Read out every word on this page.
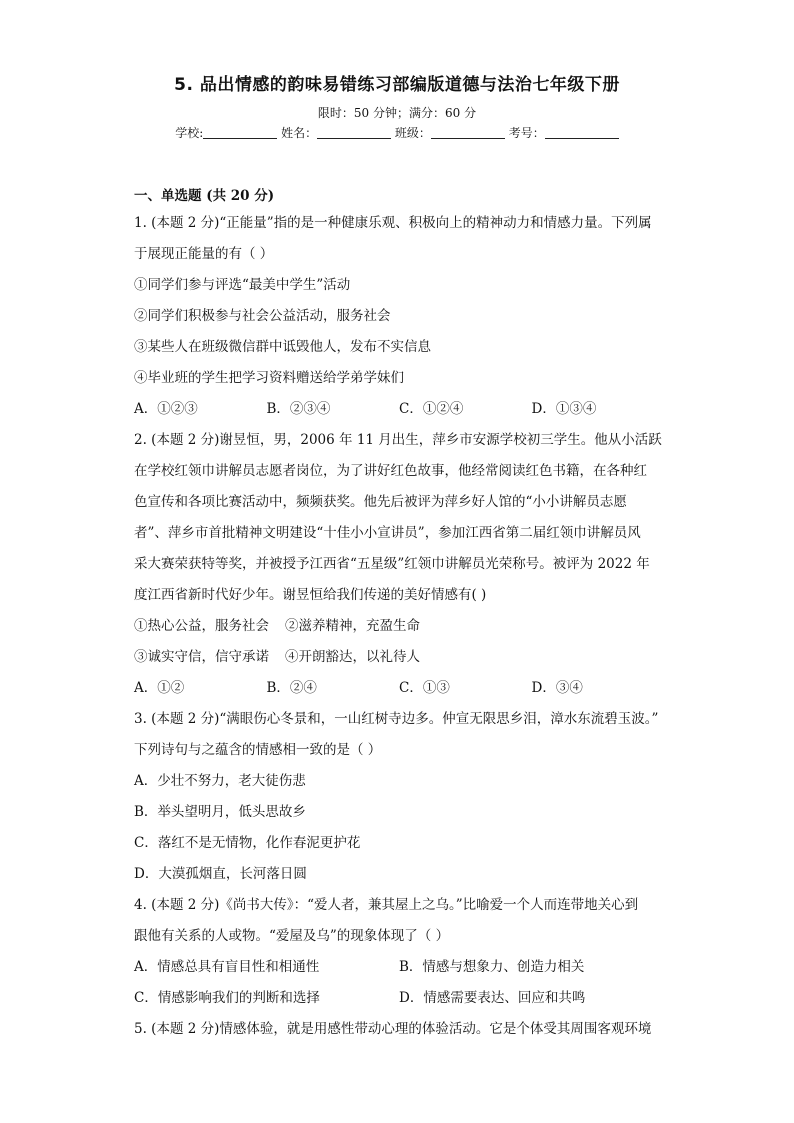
5. 品出情感的韵味易错练习部编版道德与法治七年级下册
限时：50 分钟；满分：60 分
学校:	姓名：	班级：	考号：
一、单选题 (共 20 分)
1. (本题 2 分)“正能量”指的是一种健康乐观、积极向上的精神动力和情感力量。下列属
于展现正能量的有（ ）
①同学们参与评选“最美中学生”活动
②同学们积极参与社会公益活动，服务社会
③某些人在班级微信群中诋毁他人，发布不实信息
④毕业班的学生把学习资料赠送给学弟学妹们
A．①②③	B．②③④	C．①②④	D．①③④
2. (本题 2 分)谢昱恒，男，2006 年 11 月出生，萍乡市安源学校初三学生。他从小活跃
在学校红领巾讲解员志愿者岗位，为了讲好红色故事，他经常阅读红色书籍，在各种红
色宣传和各项比赛活动中，频频获奖。他先后被评为萍乡好人馆的“小小讲解员志愿
者”、萍乡市首批精神文明建设“十佳小小宣讲员”，参加江西省第二届红领巾讲解员风
采大赛荣获特等奖，并被授予江西省“五星级”红领巾讲解员光荣称号。被评为 2022 年
度江西省新时代好少年。谢昱恒给我们传递的美好情感有( )
①热心公益，服务社会	②滋养精神，充盈生命
③诚实守信，信守承诺	④开朗豁达，以礼待人
A．①②	B．②④	C．①③	D．③④
3. (本题 2 分)“满眼伤心冬景和，一山红树寺边多。仲宣无限思乡泪，漳水东流碧玉波。”
下列诗句与之蕴含的情感相一致的是（ ）
A．少壮不努力，老大徒伤悲
B．举头望明月，低头思故乡
C．落红不是无情物，化作春泥更护花
D．大漠孤烟直，长河落日圆
4. (本题 2 分)《尚书大传》：“爱人者，兼其屋上之乌。”比喻爱一个人而连带地关心到
跟他有关系的人或物。“爱屋及乌”的现象体现了（ ）
A．情感总具有盲目性和相通性	B．情感与想象力、创造力相关
C．情感影响我们的判断和选择	D．情感需要表达、回应和共鸣
5. (本题 2 分)情感体验，就是用感性带动心理的体验活动。它是个体受其周围客观环境
